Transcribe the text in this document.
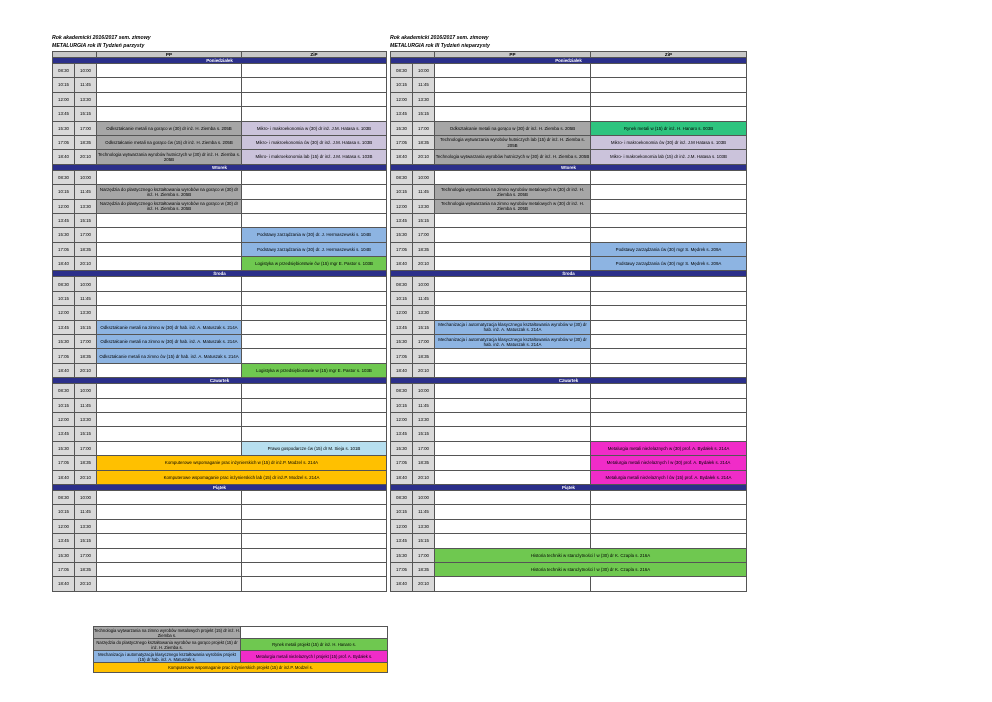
Rok akademicki 2016/2017 sem. zimowy
METALURGIA rok III Tydzień parzysty
Rok akademicki 2016/2017 sem. zimowy
METALURGIA rok III Tydzień nieparzysty
		PP	ZiP
Poniedziałek			
08:30	10:00		
10:15	11:45		
12:00	13:30		
13:45	15:15		
15:30	17:00	Odkształcanie metali na gorąco w (30) dr inż. H. Ziemba s. 205B	Mikro- i makroekonomia w (30) dr inż. J.M. Hatasa s. 103B
17:05	18:35	Odkształcanie metali na gorąco ćw (15) dr inż. H. Ziemba s. 205B	Mikro- i makroekonomia ćw (30) dr inż. J.M. Hatasa s. 103B
18:40	20:10	Technologia wytwarzania wyrobów hutniczych w (30) dr inż. H. Ziemba s. 205B	Mikro- i makroekonomia lab (15) dr inż. J.M. Hatasa s. 103B
Wtorek			
08:30	10:00		
10:15	11:45	Narzędzia do plastycznego kształtowania wyrobów na gorąco w (30) dr inż. H. Ziemba s. 205B	
12:00	13:30	Narzędzia do plastycznego kształtowania wyrobów na gorąco w (30) dr inż. H. Ziemba s. 205B	
13:45	15:15		
15:30	17:00		Podstawy zarządzania w (30) dr. J. Hermaszewski s. 104B
17:05	18:35		Podstawy zarządzania w (30) dr. J. Hermaszewski s. 104B
18:40	20:10		Logistyka w przedsiębiorstwie ćw (15) mgr E. Pastor s. 103B
Środa			
08:30	10:00		
10:15	11:45		
12:00	13:30		
13:45	15:15	Odkształcanie metali na zimno w (30) dr hab. inż. A. Matuszak s. 214A	
15:30	17:00	Odkształcanie metali na zimno w (30) dr hab. inż. A. Matuszak s. 214A	
17:05	18:35	Odkształcanie metali na zimno ćw (15) dr hab. inż. A. Matuszak s. 214A	
18:40	20:10		Logistyka w przedsiębiorstwie w (15) mgr E. Pastor s. 103B
Czwartek			
08:30	10:00		
10:15	11:45		
12:00	13:30		
13:45	15:15		
15:30	17:00		Prawo gospodarcze ćw (15) dr M. Sieja s. 101B
17:05	18:35	Komputerowe wspomaganie prac inżynierskich w (15) dr inż.P. Modzel s. 214A	
18:40	20:10	Komputerowe wspomaganie prac inżynierskich lab (15) dr inż.P. Modzel s. 214A	
Piątek			
08:30	10:00		
10:15	11:45		
12:00	13:30		
13:45	15:15		
15:30	17:00		
17:05	18:35		
18:40	20:10		
		PP	ZiP
Poniedziałek			
08:30	10:00		
10:15	11:45		
12:00	13:30		
13:45	15:15		
15:30	17:00	Odkształcanie metali na gorąco w (30) dr inż. H. Ziemba s. 205B	Rynek metali w (15) dr inż. H. Hanaro s. 003B
17:05	18:35	Technologia wytwarzania wyrobów hutniczych lab (15) dr inż. H. Ziemba s. 205B	Mikro- i makroekonomia ćw (30) dr inż. J.M Hatasa s. 103B
18:40	20:10	Technologia wytwarzania wyrobów hutniczych w (30) dr inż. H. Ziemba s. 205B	Mikro- i makroekonomia lab (15) dr inż. J.M. Hatasa s. 103B
Wtorek			
08:30	10:00		
10:15	11:45	Technologia wytwarzania na zimno wyrobów metalowych w (30) dr inż. H. Ziemba s. 205B	
12:00	13:30	Technologia wytwarzania na zimno wyrobów metalowych w (30) dr inż. H. Ziemba s. 205B	
13:45	15:15		
15:30	17:00		
17:05	18:35		Podstawy zarządzania ćw (30) mgr S. Mędrek s. 209A
18:40	20:10		Podstawy zarządzania ćw (30) mgr S. Mędrek s. 209A
Środa			
08:30	10:00		
10:15	11:45		
12:00	13:30		
13:45	15:15	Mechanizacja i automatyzacja klasycznego kształtowania wyrobów w (30) dr hab. inż. A. Matuszak s. 214A	
15:30	17:00	Mechanizacja i automatyzacja klasycznego kształtowania wyrobów w (30) dr hab. inż. A. Matuszak s. 214A	
17:05	18:35		
18:40	20:10		
Czwartek			
08:30	10:00		
10:15	11:45		
12:00	13:30		
13:45	15:15		
15:30	17:00		Metalurgia metali nieżelaznych w (30) prof. A. Bydałek s. 214A
17:05	18:35		Metalurgia metali nieżelaznych l w (30) prof. A. Bydałek s. 214A
18:40	20:10		Metalurgia metali nieżelaznych l ćw (15) prof. A. Bydałek s. 214A
Piątek			
08:30	10:00		
10:15	11:45		
12:00	13:30		
13:45	15:15		
15:30	17:00	Historia techniki w starożytności l w (30) dr K. Czapla s. 216A	
17:05	18:35	Historia techniki w starożytności l w (30) dr K. Czapla s. 216A	
18:40	20:10		
Technologia wytwarzania na zimno wyrobów metalowych projekt (15) dr inż. H. Ziemba s.	
Narzędzia do plastycznego kształtowania wyrobów na gorąco projekt (15) dr inż. H. Ziemba s.	Rynek metali projekt (15) dr inż. H. Hanaro s.
Mechanizacja i automatyzacja klasycznego kształtowania wyrobów projekt (15) dr hab. inż. A. Matuszak s.	Metalurgia metali nieżelaznych l projekt (15) prof. A. Bydałek s.
Komputerowe wspomaganie prac inżynierskich projekt (15) dr inż.P. Modzel s.	
